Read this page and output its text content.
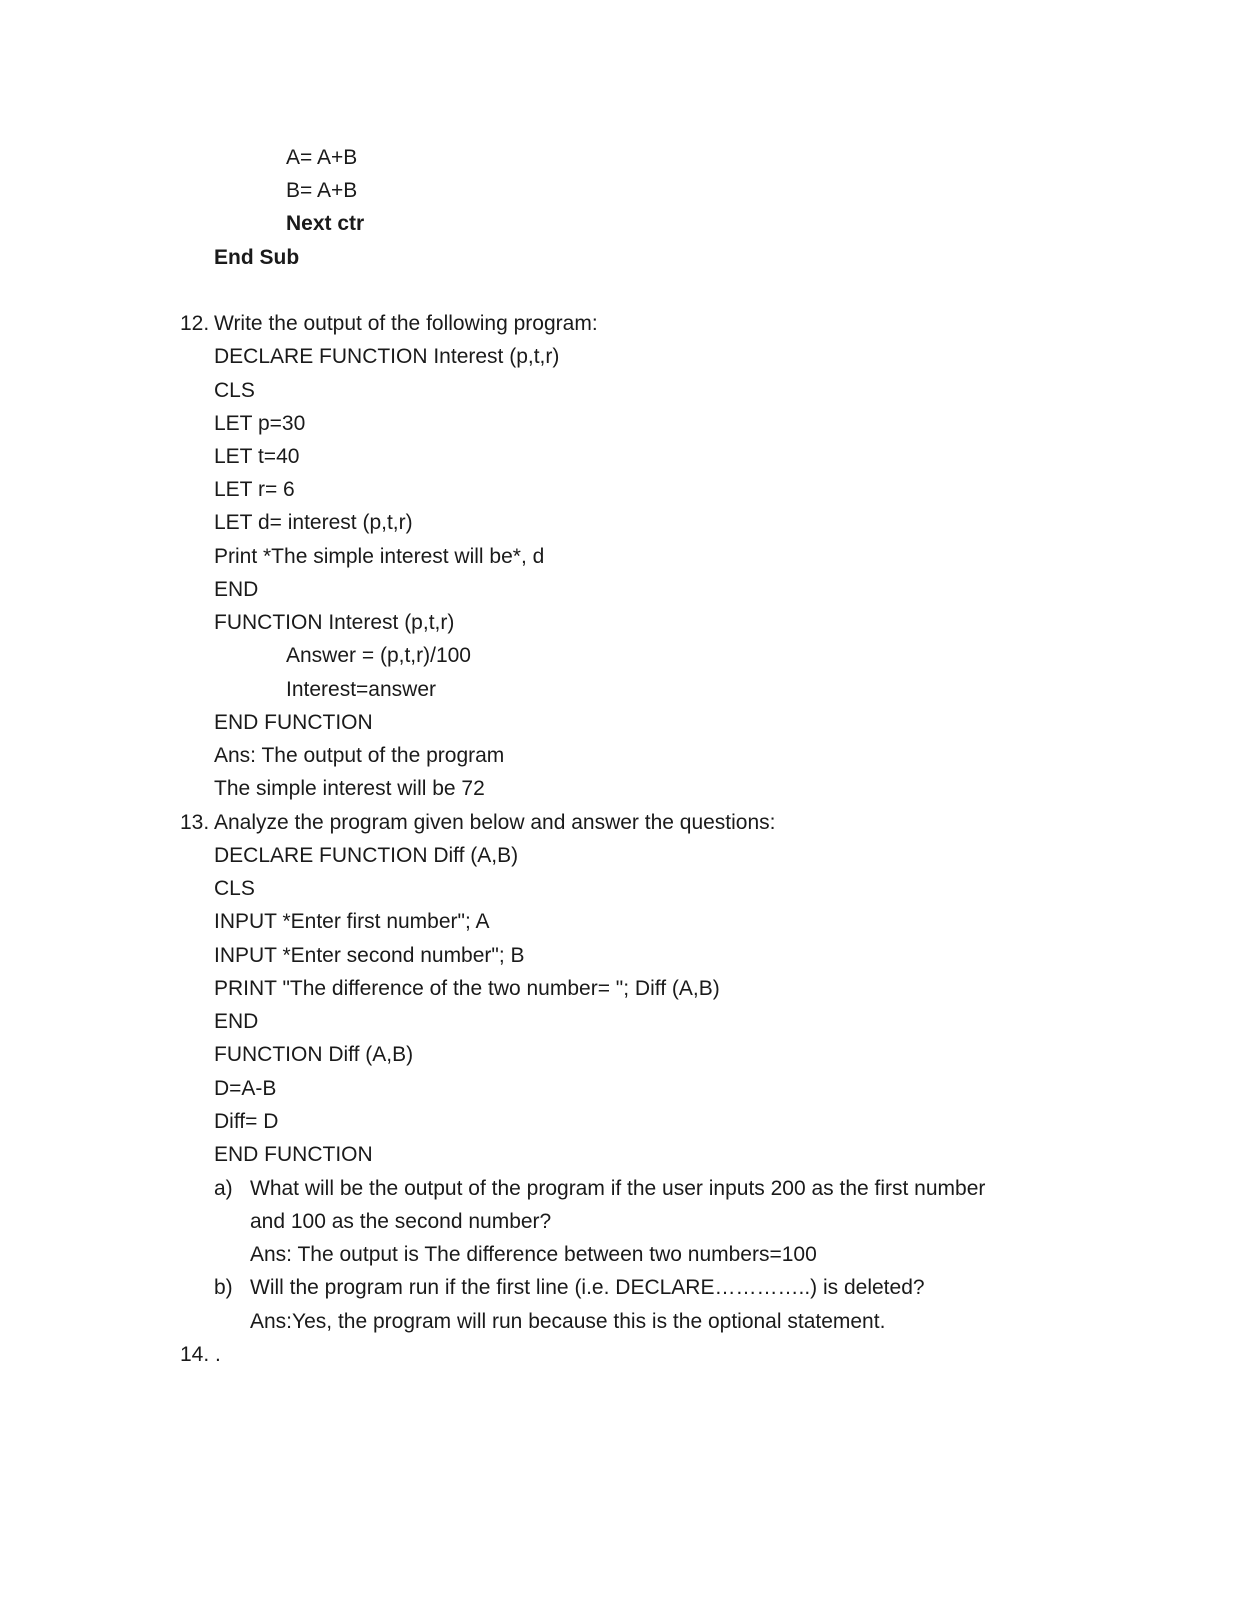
A= A+B
B= A+B
Next ctr
End Sub
12. Write the output of the following program:
DECLARE FUNCTION Interest (p,t,r)
CLS
LET p=30
LET t=40
LET r= 6
LET d= interest (p,t,r)
Print *The simple interest will be*, d
END
FUNCTION Interest (p,t,r)
Answer = (p,t,r)/100
Interest=answer
END FUNCTION
Ans: The output of the program
The simple interest will be 72
13. Analyze the program given below and answer the questions:
DECLARE FUNCTION Diff (A,B)
CLS
INPUT *Enter first number"; A
INPUT *Enter second number"; B
PRINT "The difference of the two number= "; Diff (A,B)
END
FUNCTION Diff (A,B)
D=A-B
Diff= D
END FUNCTION
a) What will be the output of the program if the user inputs 200 as the first number
and 100 as the second number?
Ans: The output is The difference between two numbers=100
b) Will the program run if the first line (i.e. DECLARE…………..) is deleted?
Ans:Yes, the program will run because this is the optional statement.
14. .
